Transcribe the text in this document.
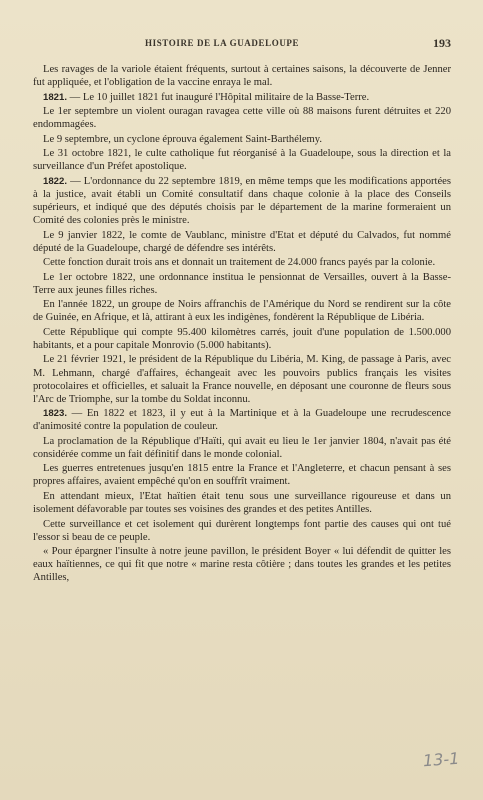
HISTOIRE DE LA GUADELOUPE	193

Les ravages de la variole étaient fréquents, surtout à certaines saisons, la découverte de Jenner fut appliquée, et l'obligation de la vaccine enraya le mal.

1821. — Le 10 juillet 1821 fut inauguré l'Hôpital militaire de la Basse-Terre.

Le 1er septembre un violent ouragan ravagea cette ville où 88 maisons furent détruites et 220 endommagées.

Le 9 septembre, un cyclone éprouva également Saint-Barthélemy.

Le 31 octobre 1821, le culte catholique fut réorganisé à la Guadeloupe, sous la direction et la surveillance d'un Préfet apostolique.

1822. — L'ordonnance du 22 septembre 1819, en même temps que les modifications apportées à la justice, avait établi un Comité consultatif dans chaque colonie à la place des Conseils supérieurs, et indiqué que des députés choisis par le département de la marine formeraient un Comité des colonies près le ministre.

Le 9 janvier 1822, le comte de Vaublanc, ministre d'Etat et député du Calvados, fut nommé député de la Guadeloupe, chargé de défendre ses intérêts.

Cette fonction durait trois ans et donnait un traitement de 24.000 francs payés par la colonie.

Le 1er octobre 1822, une ordonnance institua le pensionnat de Versailles, ouvert à la Basse-Terre aux jeunes filles riches.

En l'année 1822, un groupe de Noirs affranchis de l'Amérique du Nord se rendirent sur la côte de Guinée, en Afrique, et là, attirant à eux les indigènes, fondèrent la République de Libéria.

Cette République qui compte 95.400 kilomètres carrés, jouit d'une population de 1.500.000 habitants, et a pour capitale Monrovio (5.000 habitants).

Le 21 février 1921, le président de la République du Libéria, M. King, de passage à Paris, avec M. Lehmann, chargé d'affaires, échangeait avec les pouvoirs publics français les visites protocolaires et officielles, et saluait la France nouvelle, en déposant une couronne de fleurs sous l'Arc de Triomphe, sur la tombe du Soldat inconnu.

1823. — En 1822 et 1823, il y eut à la Martinique et à la Guadeloupe une recrudescence d'animosité contre la population de couleur.

La proclamation de la République d'Haïti, qui avait eu lieu le 1er janvier 1804, n'avait pas été considérée comme un fait définitif dans le monde colonial.

Les guerres entretenues jusqu'en 1815 entre la France et l'Angleterre, et chacun pensant à ses propres affaires, avaient empêché qu'on en souffrît vraiment.

En attendant mieux, l'Etat haïtien était tenu sous une surveillance rigoureuse et dans un isolement défavorable par toutes ses voisines des grandes et des petites Antilles.

Cette surveillance et cet isolement qui durèrent longtemps font partie des causes qui ont tué l'essor si beau de ce peuple.

« Pour épargner l'insulte à notre jeune pavillon, le président Boyer « lui défendit de quitter les eaux haïtiennes, ce qui fit que notre « marine resta côtière ; dans toutes les grandes et les petites Antilles,

13-1
